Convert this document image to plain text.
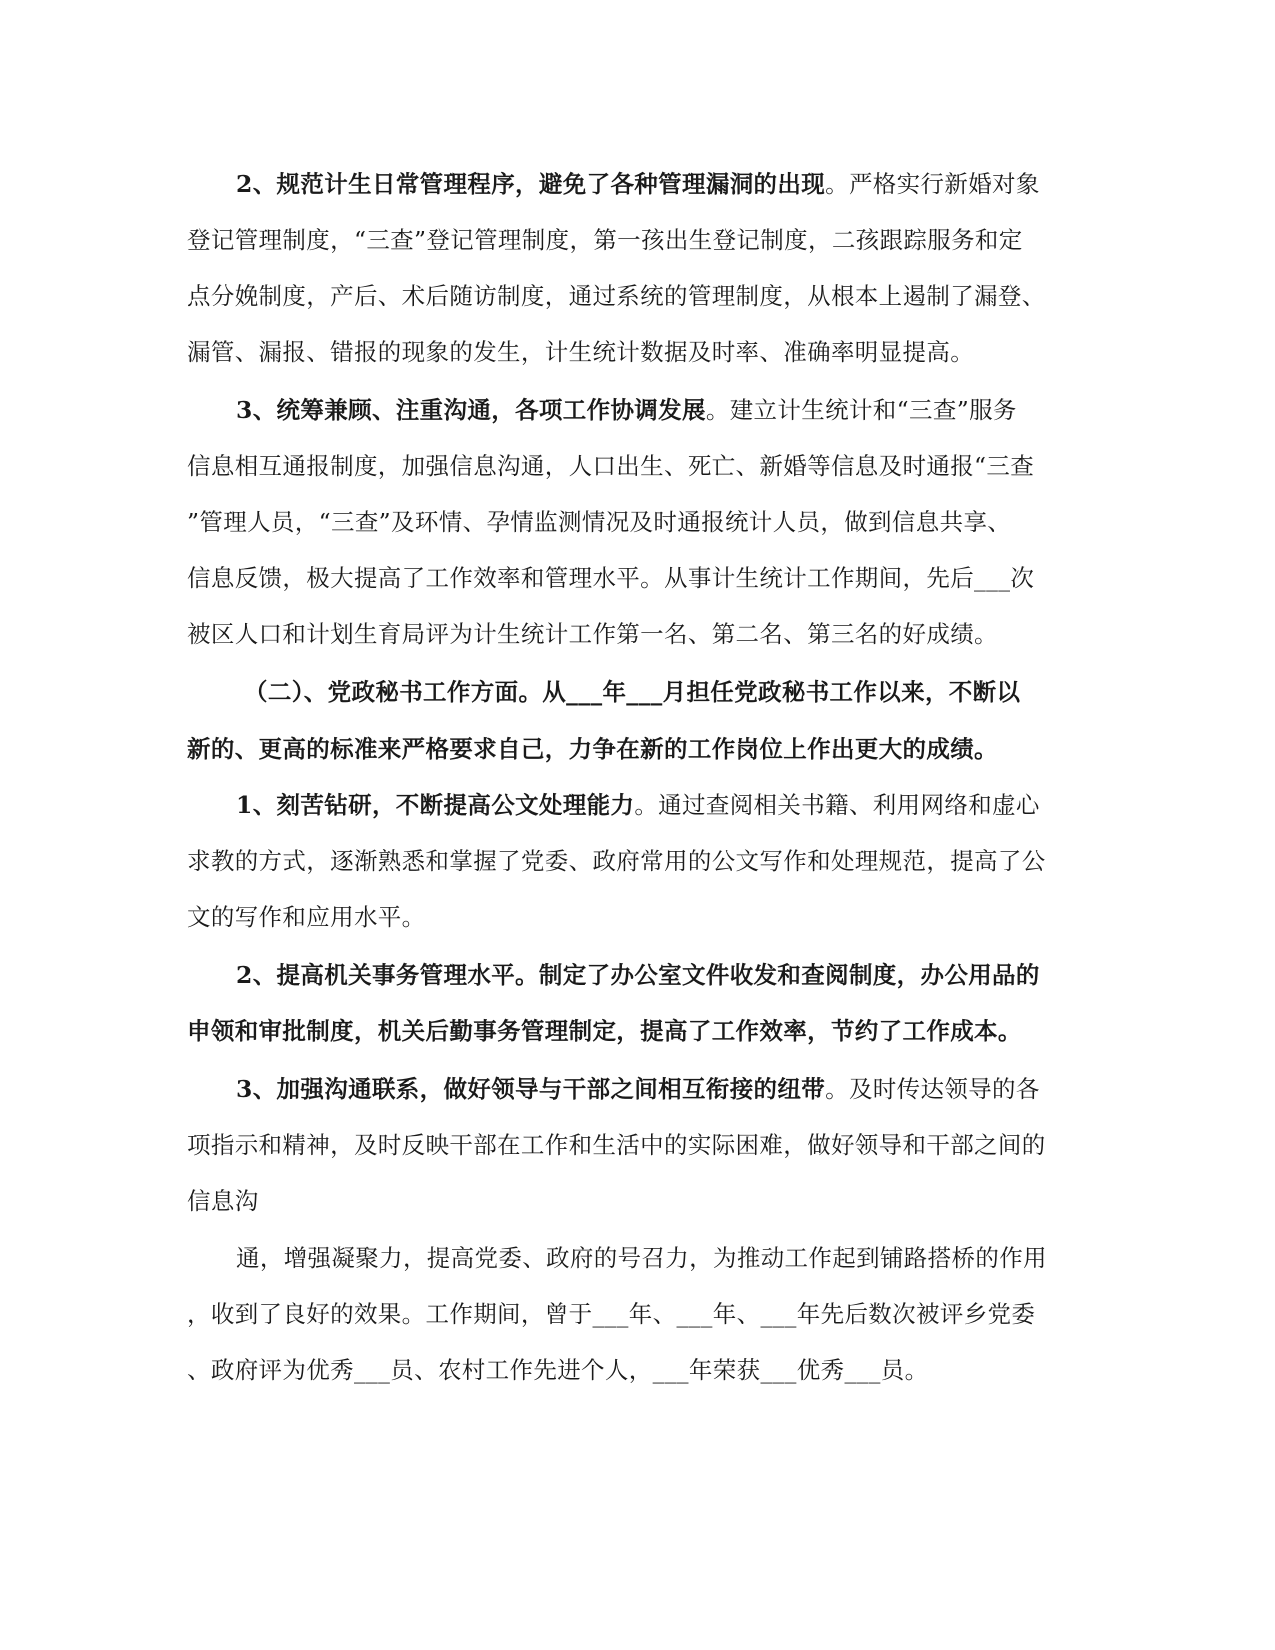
2、规范计生日常管理程序，避免了各种管理漏洞的出现。严格实行新婚对象
登记管理制度，“三查”登记管理制度，第一孩出生登记制度，二孩跟踪服务和定
点分娩制度，产后、术后随访制度，通过系统的管理制度，从根本上遏制了漏登、
漏管、漏报、错报的现象的发生，计生统计数据及时率、准确率明显提高。
3、统筹兼顾、注重沟通，各项工作协调发展。建立计生统计和“三查”服务
信息相互通报制度，加强信息沟通，人口出生、死亡、新婚等信息及时通报“三查
”管理人员，“三查”及环情、孕情监测情况及时通报统计人员，做到信息共享、
信息反馈，极大提高了工作效率和管理水平。从事计生统计工作期间，先后___次
被区人口和计划生育局评为计生统计工作第一名、第二名、第三名的好成绩。
（二）、党政秘书工作方面。从___年___月担任党政秘书工作以来，不断以
新的、更高的标准来严格要求自己，力争在新的工作岗位上作出更大的成绩。
1、刻苦钻研，不断提高公文处理能力。通过查阅相关书籍、利用网络和虚心
求教的方式，逐渐熟悉和掌握了党委、政府常用的公文写作和处理规范，提高了公
文的写作和应用水平。
2、提高机关事务管理水平。制定了办公室文件收发和查阅制度，办公用品的
申领和审批制度，机关后勤事务管理制定，提高了工作效率，节约了工作成本。
3、加强沟通联系，做好领导与干部之间相互衔接的纽带。及时传达领导的各
项指示和精神，及时反映干部在工作和生活中的实际困难，做好领导和干部之间的
信息沟
通，增强凝聚力，提高党委、政府的号召力，为推动工作起到铺路搭桥的作用
，收到了良好的效果。工作期间，曾于___年、___年、___年先后数次被评乡党委
、政府评为优秀___员、农村工作先进个人，___年荣获___优秀___员。
